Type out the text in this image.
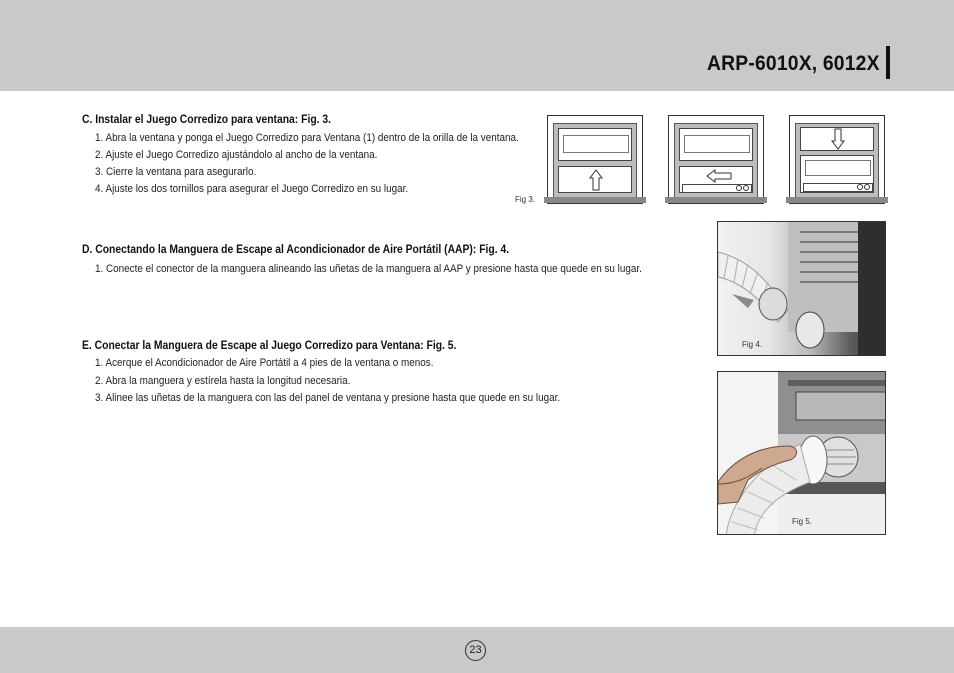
ARP-6010X, 6012X
C. Instalar el Juego Corredizo para ventana: Fig. 3.
1. Abra la ventana y ponga el Juego Corredizo para Ventana (1) dentro de la orilla de la ventana.
2. Ajuste el Juego Corredizo ajustándolo al ancho de la ventana.
3. Cierre la ventana para asegurarlo.
4. Ajuste los dos tornillos para asegurar el Juego Corredizo en su lugar.
Fig 3.
D. Conectando la Manguera de Escape al Acondicionador de Aire Portátil (AAP): Fig. 4.
1. Conecte el conector de la manguera alineando las uñetas de la manguera al AAP y presione hasta que quede en su lugar.
Fig 4.
E. Conectar la Manguera de Escape al Juego Corredizo para Ventana: Fig. 5.
1. Acerque el Acondicionador de Aire Portátil a 4 pies de la ventana o menos.
2. Abra la manguera y estírela hasta la longitud necesaria.
3. Alinee las uñetas de la manguera con las del panel de ventana y presione hasta que quede en su lugar.
Fig 5.
23
